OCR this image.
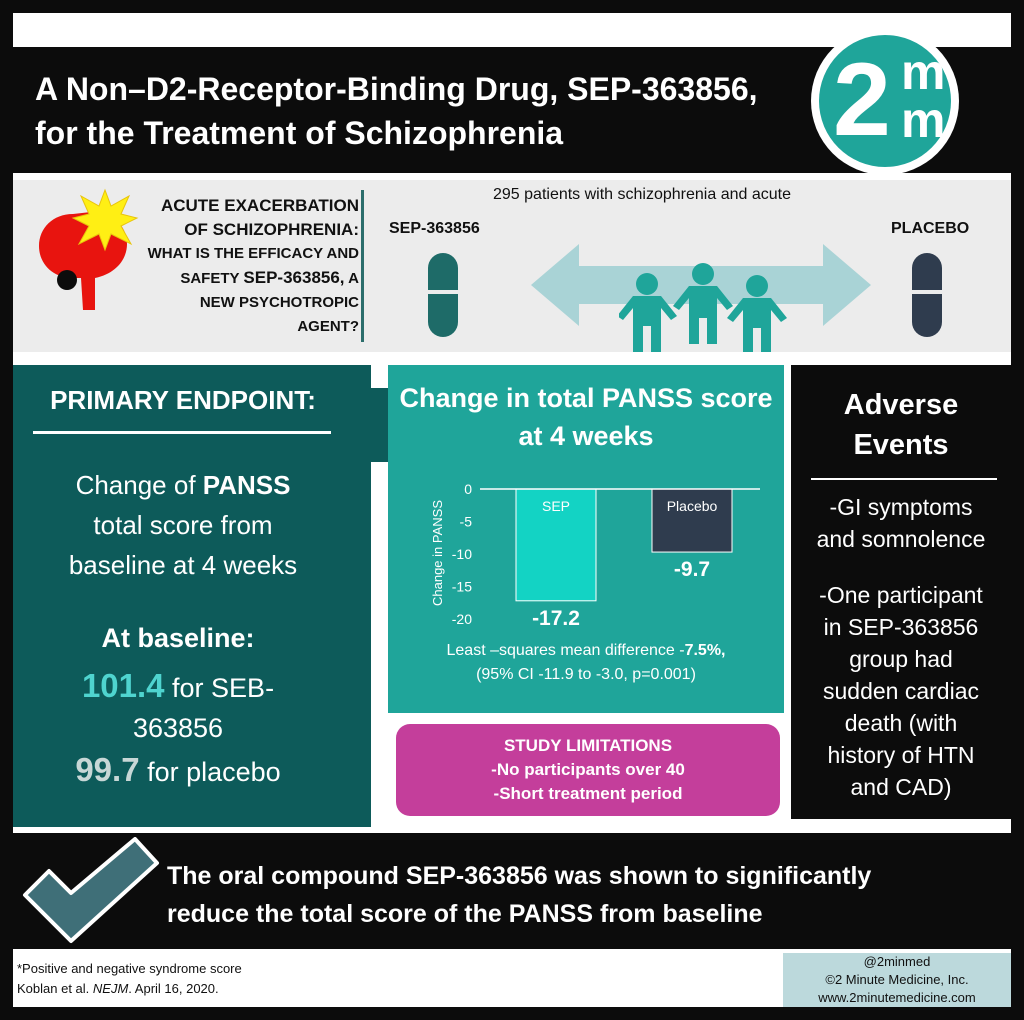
A Non–D2-Receptor-Binding Drug, SEP-363856,
for the Treatment of Schizophrenia	2 m
m
ACUTE EXACERBATION
OF SCHIZOPHRENIA:
WHAT IS THE EFFICACY AND
SAFETY SEP-363856, A
NEW PSYCHOTROPIC
AGENT?
295 patients with schizophrenia and acute
SEP-363856	PLACEBO
PRIMARY ENDPOINT:
Change of PANSS
total score from
baseline at 4 weeks
At baseline:
101.4 for SEB-
363856
99.7 for placebo
Change in total PANSS score at 4 weeks
Change in PANSS
0
-5
-10
-15
-20
SEP
-17.2
Placebo
-9.7
Least –squares mean difference -7.5%,
(95% CI -11.9 to -3.0, p=0.001)
Adverse
Events
-GI symptoms
and somnolence
-One participant
in SEP-363856
group had
sudden cardiac
death (with
history of HTN
and CAD)
STUDY LIMITATIONS
-No participants over 40
-Short treatment period
The oral compound SEP-363856 was shown to significantly
reduce the total score of the PANSS from baseline
*Positive and negative syndrome score
Koblan et al. NEJM. April 16, 2020.
@2minmed
©2 Minute Medicine, Inc.
www.2minutemedicine.com
